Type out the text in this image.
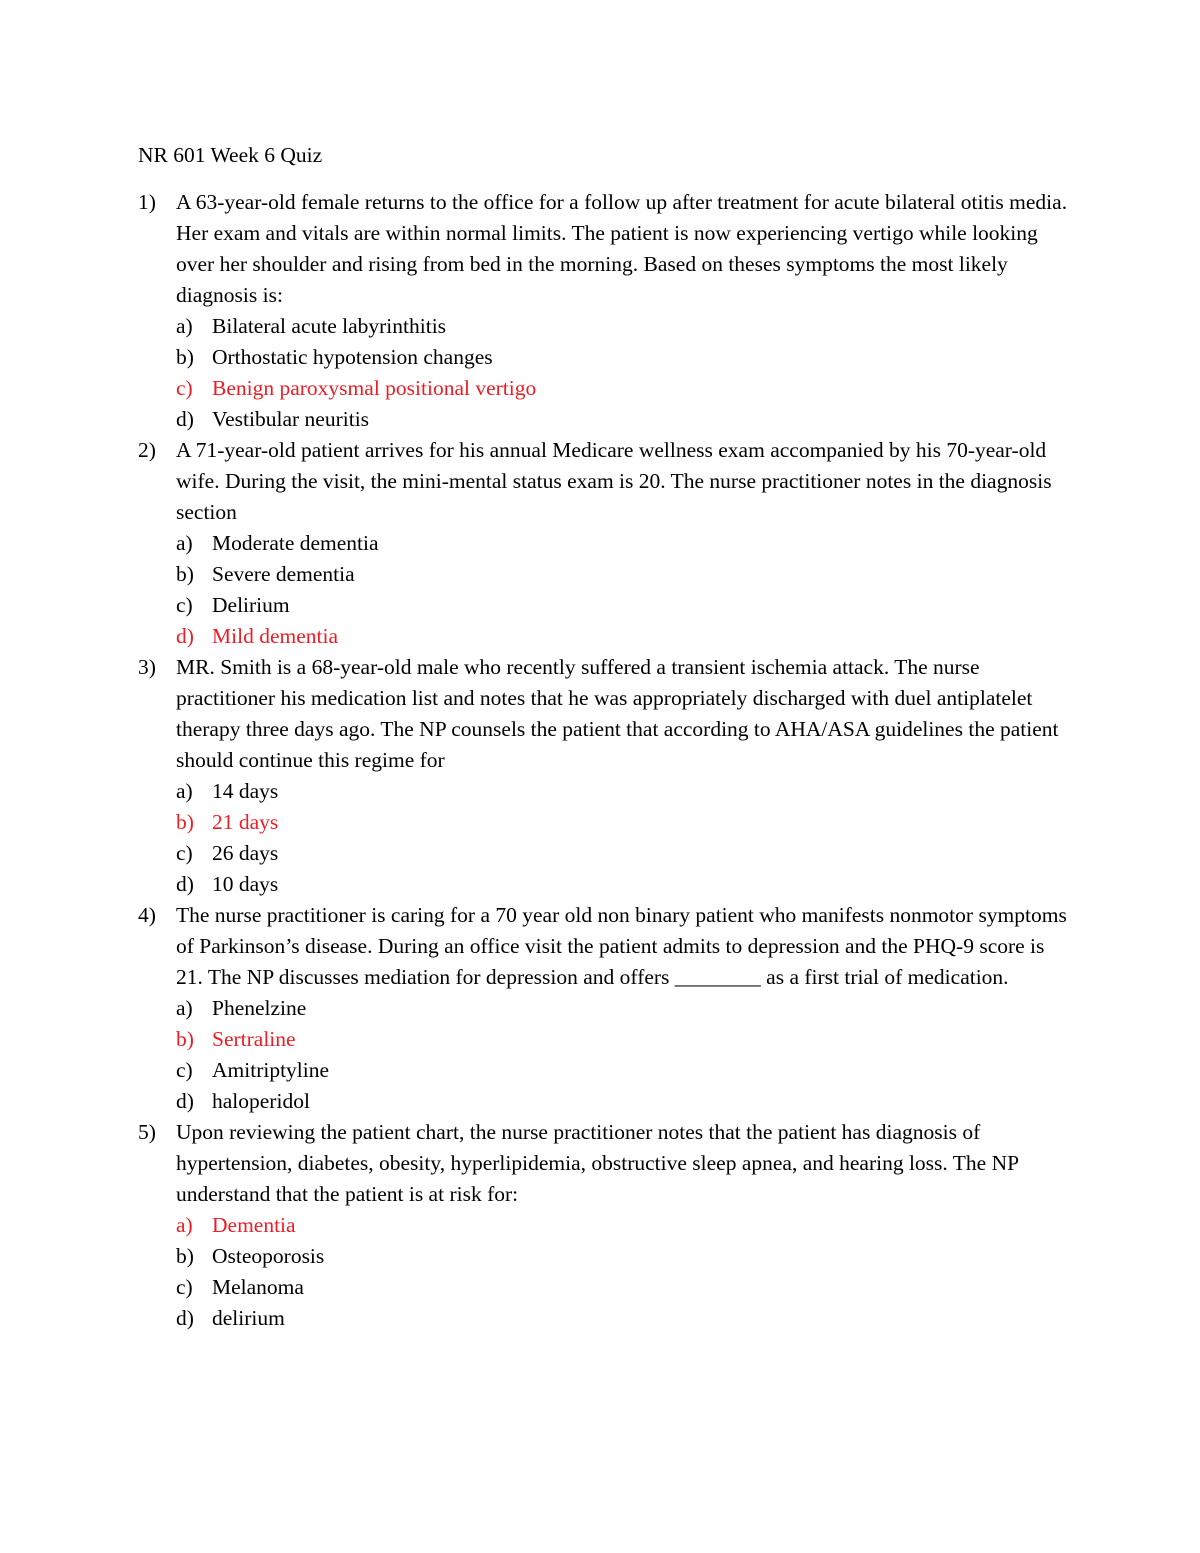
NR 601 Week 6 Quiz
1) A 63-year-old female returns to the office for a follow up after treatment for acute bilateral otitis media. Her exam and vitals are within normal limits. The patient is now experiencing vertigo while looking over her shoulder and rising from bed in the morning. Based on theses symptoms the most likely diagnosis is:
a) Bilateral acute labyrinthitis
b) Orthostatic hypotension changes
c) Benign paroxysmal positional vertigo
d) Vestibular neuritis
2) A 71-year-old patient arrives for his annual Medicare wellness exam accompanied by his 70-year-old wife. During the visit, the mini-mental status exam is 20. The nurse practitioner notes in the diagnosis section
a) Moderate dementia
b) Severe dementia
c) Delirium
d) Mild dementia
3) MR. Smith is a 68-year-old male who recently suffered a transient ischemia attack. The nurse practitioner his medication list and notes that he was appropriately discharged with duel antiplatelet therapy three days ago. The NP counsels the patient that according to AHA/ASA guidelines the patient should continue this regime for
a) 14 days
b) 21 days
c) 26 days
d) 10 days
4) The nurse practitioner is caring for a 70 year old non binary patient who manifests nonmotor symptoms of Parkinson’s disease. During an office visit the patient admits to depression and the PHQ-9 score is 21. The NP discusses mediation for depression and offers ________ as a first trial of medication.
a) Phenelzine
b) Sertraline
c) Amitriptyline
d) haloperidol
5) Upon reviewing the patient chart, the nurse practitioner notes that the patient has diagnosis of hypertension, diabetes, obesity, hyperlipidemia, obstructive sleep apnea, and hearing loss. The NP understand that the patient is at risk for:
a) Dementia
b) Osteoporosis
c) Melanoma
d) delirium
